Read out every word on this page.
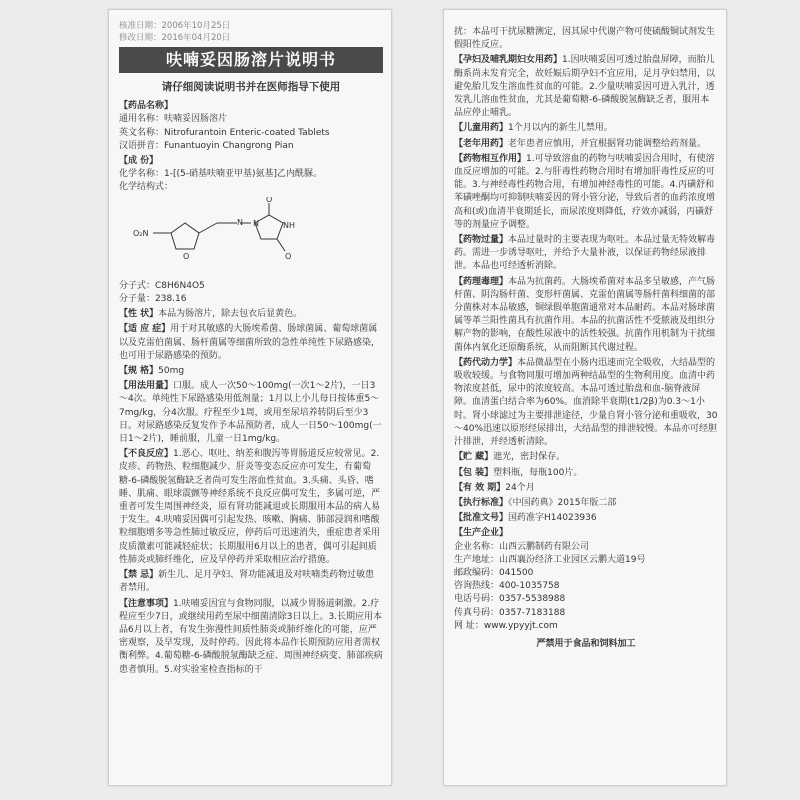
核准日期：2006年10月25日
修改日期：2016年04月20日
呋喃妥因肠溶片说明书
请仔细阅读说明书并在医师指导下使用
【药品名称】
通用名称：呋喃妥因肠溶片
英文名称：Nitrofurantoin Enteric-coated Tablets
汉语拼音：Funantuoyin Changrong Pian
【成 份】
化学名称：1-[(5-硝基呋喃亚甲基)氨基]乙内酰脲。
化学结构式：
O₂N
O
N N
O
NH
O
分子式：C8H6N4O5
分子量：238.16
【性 状】本品为肠溶片，除去包衣后显黄色。
【适 应 症】用于对其敏感的大肠埃希菌、肠球菌属、葡萄球菌属以及克雷伯菌属、肠杆菌属等细菌所致的急性单纯性下尿路感染，也可用于尿路感染的预防。
【规 格】50mg
【用法用量】口服。成人一次50～100mg(一次1～2片)，一日3～4次。单纯性下尿路感染用低剂量；1月以上小儿每日按体重5～7mg/kg，分4次服。疗程至少1周，或用至尿培养转阴后至少3日。对尿路感染反复发作予本品预防者，成人一日50～100mg(一日1～2片)，睡前服，儿童一日1mg/kg。
【不良反应】1.恶心、呕吐、纳差和腹泻等胃肠道反应较常见。2.皮疹、药物热、粒细胞减少、肝炎等变态反应亦可发生，有葡萄糖-6-磷酸脱氢酶缺乏者尚可发生溶血性贫血。3.头痛、头昏、嗜睡、肌痛、眼球震颤等神经系统不良反应偶可发生，多属可逆，严重者可发生周围神经炎，原有肾功能减退或长期服用本品的病人易于发生。4.呋喃妥因偶可引起发热、咳嗽、胸痛、肺部浸润和嗜酸粒细胞增多等急性肺过敏反应，停药后可迅速消失，重症患者采用皮质激素可能减轻症状；长期服用6月以上的患者，偶可引起间质性肺炎或肺纤维化，应及早停药并采取相应治疗措施。
【禁 忌】新生儿、足月孕妇、肾功能减退及对呋喃类药物过敏患者禁用。
【注意事项】1.呋喃妥因宜与食物同服，以减少胃肠道刺激。2.疗程应至少7日，或继续用药至尿中细菌清除3日以上。3.长期应用本品6月以上者，有发生弥漫性间质性肺炎或肺纤维化的可能，应严密观察，及早发现，及时停药。因此将本品作长期预防应用者需权衡利弊。4.葡萄糖-6-磷酸脱氢酶缺乏症、周围神经病变、肺部疾病患者慎用。5.对实验室检查指标的干
扰：本品可干扰尿糖测定，因其尿中代谢产物可使硫酸铜试剂发生假阳性反应。
【孕妇及哺乳期妇女用药】1.因呋喃妥因可透过胎盘屏障，而胎儿酶系尚未发育完全，故妊娠后期孕妇不宜应用，足月孕妇禁用，以避免胎儿发生溶血性贫血的可能。2.少量呋喃妥因可进入乳汁，透发乳儿溶血性贫血，尤其是葡萄糖-6-磷酸脱氢酶缺乏者，服用本品应停止哺乳。
【儿童用药】1个月以内的新生儿禁用。
【老年用药】老年患者应慎用，并宜根据肾功能调整给药剂量。
【药物相互作用】1.可导致溶血的药物与呋喃妥因合用时，有使溶血反应增加的可能。2.与肝毒性药物合用时有增加肝毒性反应的可能。3.与神经毒性药物合用，有增加神经毒性的可能。4.丙磺舒和苯磺唑酮均可抑制呋喃妥因的肾小管分泌，导致后者的血药浓度增高和(或)血清半衰期延长，而尿浓度则降低，疗效亦减弱，丙磺舒等的剂量应予调整。
【药物过量】本品过量时的主要表现为呕吐。本品过量无特效解毒药。需进一步诱导呕吐，并给予大量补液，以保证药物经尿液排泄。本品也可经透析消除。
【药理毒理】本品为抗菌药。大肠埃希菌对本品多呈敏感，产气肠杆菌、阴沟肠杆菌、变形杆菌属、克雷伯菌属等肠杆菌科细菌的部分菌株对本品敏感，铜绿假单胞菌通常对本品耐药。本品对肠球菌属等革兰阳性菌具有抗菌作用。本品的抗菌活性不受脓液及组织分解产物的影响，在酸性尿液中的活性较强。抗菌作用机制为干扰细菌体内氧化还原酶系统，从而阻断其代谢过程。
【药代动力学】本品微晶型在小肠内迅速而完全吸收，大结晶型的吸收较缓。与食物同服可增加两种结晶型的生物利用度。血清中药物浓度甚低，尿中的浓度较高。本品可透过胎盘和血-脑脊液屏障。血清蛋白结合率为60%。血消除半衰期(t1/2β)为0.3～1小时。肾小球滤过为主要排泄途径，少量自肾小管分泌和重吸收，30～40%迅速以原形经尿排出，大结晶型的排泄较慢。本品亦可经胆汁排泄，并经透析清除。
【贮 藏】遮光，密封保存。
【包 装】塑料瓶，每瓶100片。
【有 效 期】24个月
【执行标准】《中国药典》2015年版二部
【批准文号】国药准字H14023936
【生产企业】
企业名称：山西云鹏制药有限公司
生产地址：山西襄汾经济工业园区云鹏大道19号
邮政编码：041500
咨询热线：400-1035758
电话号码：0357-5538988
传真号码：0357-7183188
网 址：www.ypyyjt.com
严禁用于食品和饲料加工
